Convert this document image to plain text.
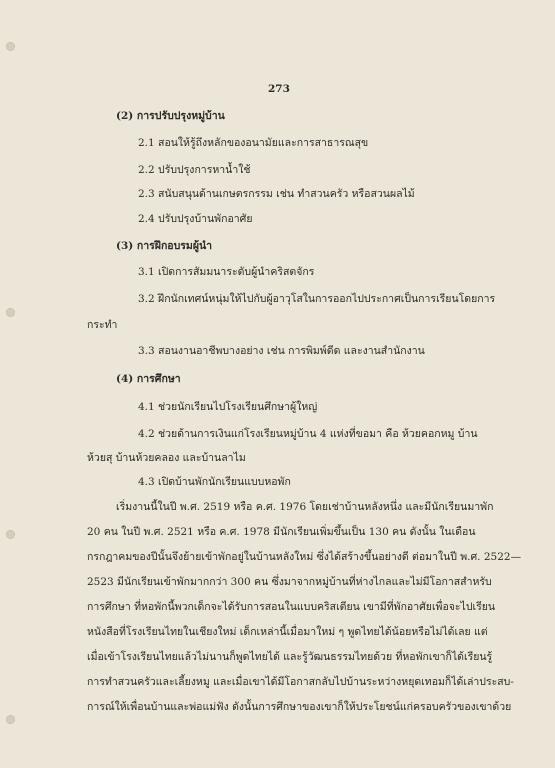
273
(2) การปรับปรุงหมู่บ้าน
2.1 สอนให้รู้ถึงหลักของอนามัยและการสาธารณสุข
2.2 ปรับปรุงการหาน้ำใช้
2.3 สนับสนุนด้านเกษตรกรรม เช่น ทำสวนครัว หรือสวนผลไม้
2.4 ปรับปรุงบ้านพักอาศัย
(3) การฝึกอบรมผู้นำ
3.1 เปิดการสัมมนาระดับผู้นำคริสตจักร
3.2 ฝึกนักเทศน์หนุ่มให้ไปกับผู้อาวุโสในการออกไปประกาศเป็นการเรียนโดยการ
กระทำ
3.3 สอนงานอาชีพบางอย่าง เช่น การพิมพ์ดีด และงานสำนักงาน
(4) การศึกษา
4.1 ช่วยนักเรียนไปโรงเรียนศึกษาผู้ใหญ่
4.2 ช่วยด้านการเงินแก่โรงเรียนหมู่บ้าน 4 แห่งที่ขอมา คือ ห้วยคอกหมู บ้าน
ห้วยสุ บ้านห้วยคลอง และบ้านลาไม
4.3 เปิดบ้านพักนักเรียนแบบหอพัก
เริ่มงานนี้ในปี พ.ศ. 2519 หรือ ค.ศ. 1976 โดยเช่าบ้านหลังหนึ่ง และมีนักเรียนมาพัก
20 คน ในปี พ.ศ. 2521 หรือ ค.ศ. 1978 มีนักเรียนเพิ่มขึ้นเป็น 130 คน ดังนั้น ในเดือน
กรกฎาคมของปีนั้นจึงย้ายเข้าพักอยู่ในบ้านหลังใหม่ ซึ่งได้สร้างขึ้นอย่างดี ต่อมาในปี พ.ศ. 2522—
2523 มีนักเรียนเข้าพักมากกว่า 300 คน ซึ่งมาจากหมู่บ้านที่ห่างไกลและไม่มีโอกาสสำหรับ
การศึกษา ที่หอพักนี้พวกเด็กจะได้รับการสอนในแบบคริสเตียน เขามีที่พักอาศัยเพื่อจะไปเรียน
หนังสือที่โรงเรียนไทยในเชียงใหม่ เด็กเหล่านี้เมื่อมาใหม่ ๆ พูดไทยได้น้อยหรือไม่ได้เลย แต่
เมื่อเข้าโรงเรียนไทยแล้วไม่นานก็พูดไทยได้ และรู้วัฒนธรรมไทยด้วย ที่หอพักเขาก็ได้เรียนรู้
การทำสวนครัวและเลี้ยงหมู และเมื่อเขาได้มีโอกาสกลับไปบ้านระหว่างหยุดเทอมก็ได้เล่าประสบ-
การณ์ให้เพื่อนบ้านและพ่อแม่ฟัง ดังนั้นการศึกษาของเขาก็ให้ประโยชน์แก่ครอบครัวของเขาด้วย
